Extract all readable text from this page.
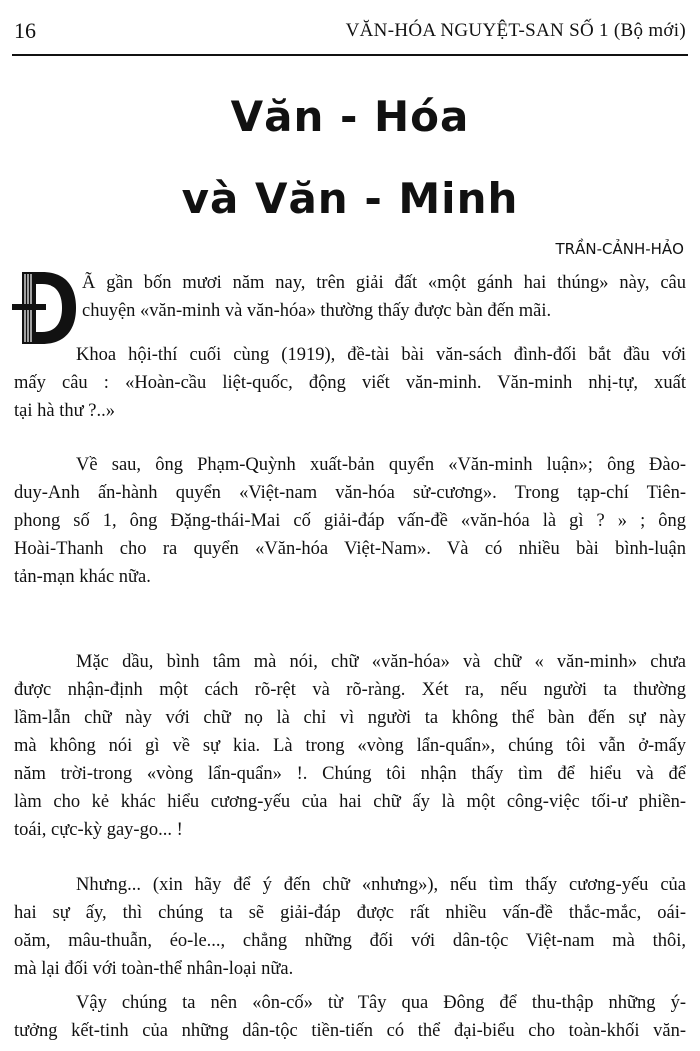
16	VĂN-HÓA NGUYỆT-SAN SỐ 1 (Bộ mới)
Văn - Hóa
và Văn - Minh
TRẦN-CẢNH-HẢO
Ã gần bốn mươi năm nay, trên giải đất «một gánh hai thúng» này, câu
chuyện «văn-minh và văn-hóa» thường thấy được bàn đến mãi.
Khoa hội-thí cuối cùng (1919), đề-tài bài văn-sách đình-đối bắt đầu với
mấy câu : «Hoàn-cầu liệt-quốc, động viết văn-minh. Văn-minh nhị-tự, xuất
tại hà thư ?..»
Về sau, ông Phạm-Quỳnh xuất-bản quyển «Văn-minh luận»; ông Đào-
duy-Anh ấn-hành quyển «Việt-nam văn-hóa sử-cương». Trong tạp-chí Tiên-
phong số 1, ông Đặng-thái-Mai cố giải-đáp vấn-đề «văn-hóa là gì ? » ; ông
Hoài-Thanh cho ra quyển «Văn-hóa Việt-Nam». Và có nhiều bài bình-luận
tản-mạn khác nữa.
Mặc dầu, bình tâm mà nói, chữ «văn-hóa» và chữ « văn-minh» chưa
được nhận-định một cách rõ-rệt và rõ-ràng. Xét ra, nếu người ta thường
lầm-lẫn chữ này với chữ nọ là chỉ vì người ta không thể bàn đến sự này
mà không nói gì về sự kia. Là trong «vòng lẩn-quẩn», chúng tôi vẫn ở-mấy
năm trời-trong «vòng lẩn-quẩn» !. Chúng tôi nhận thấy tìm để hiểu và để
làm cho kẻ khác hiểu cương-yếu của hai chữ ấy là một công-việc tối-ư phiền-
toái, cực-kỳ gay-go... !
Nhưng... (xin hãy để ý đến chữ «nhưng»), nếu tìm thấy cương-yếu của
hai sự ấy, thì chúng ta sẽ giải-đáp được rất nhiều vấn-đề thắc-mắc, oái-
oăm, mâu-thuẫn, éo-le..., chẳng những đối với dân-tộc Việt-nam mà thôi,
mà lại đối với toàn-thể nhân-loại nữa.
Vậy chúng ta nên «ôn-cố» từ Tây qua Đông để thu-thập những ý-
tưởng kết-tinh của những dân-tộc tiền-tiến có thể đại-biểu cho toàn-khối văn-
